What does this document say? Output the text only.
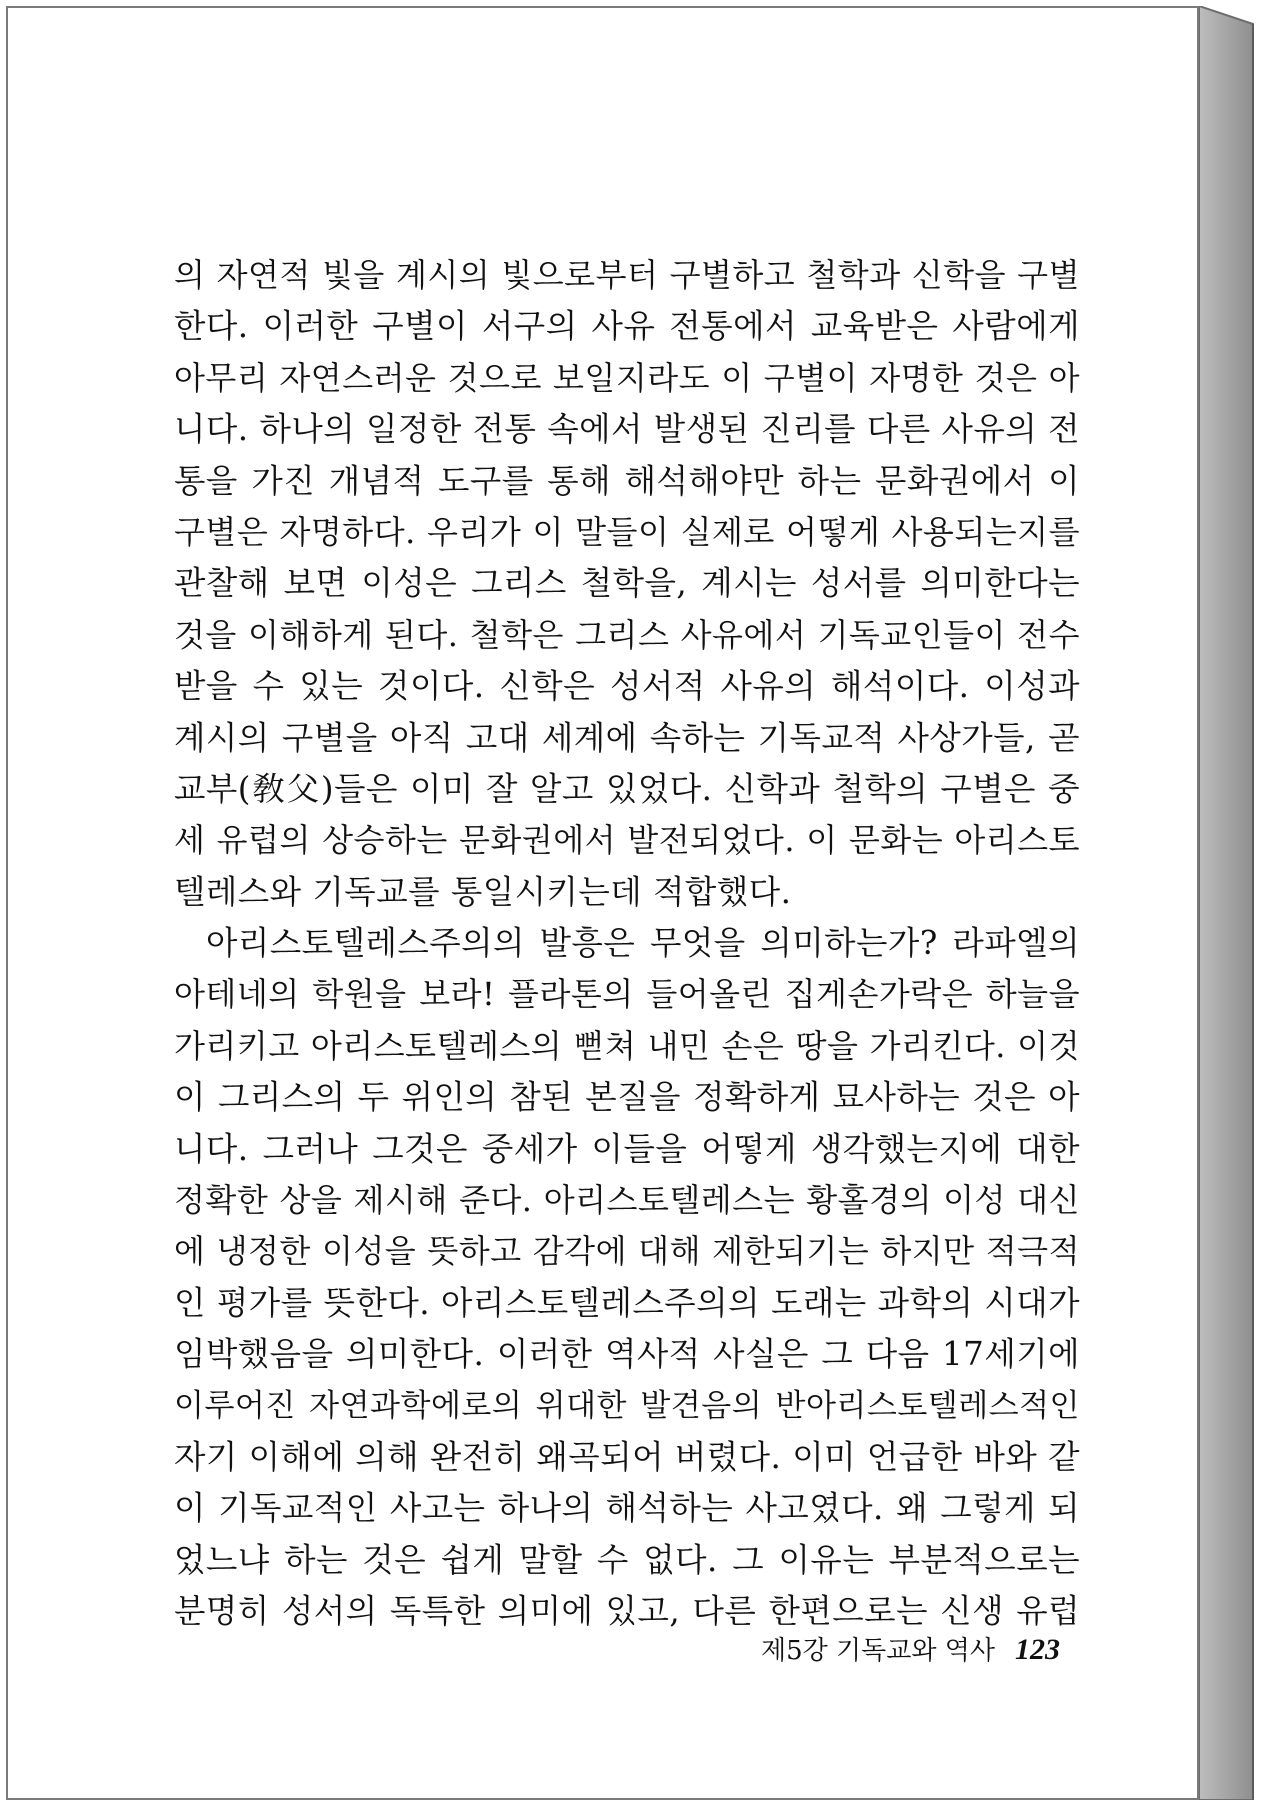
의 자연적 빛을 계시의 빛으로부터 구별하고 철학과 신학을 구별
한다. 이러한 구별이 서구의 사유 전통에서 교육받은 사람에게
아무리 자연스러운 것으로 보일지라도 이 구별이 자명한 것은 아
니다. 하나의 일정한 전통 속에서 발생된 진리를 다른 사유의 전
통을 가진 개념적 도구를 통해 해석해야만 하는 문화권에서 이
구별은 자명하다. 우리가 이 말들이 실제로 어떻게 사용되는지를
관찰해 보면 이성은 그리스 철학을, 계시는 성서를 의미한다는
것을 이해하게 된다. 철학은 그리스 사유에서 기독교인들이 전수
받을 수 있는 것이다. 신학은 성서적 사유의 해석이다. 이성과
계시의 구별을 아직 고대 세계에 속하는 기독교적 사상가들, 곧
교부(敎父)들은 이미 잘 알고 있었다. 신학과 철학의 구별은 중
세 유럽의 상승하는 문화권에서 발전되었다. 이 문화는 아리스토
텔레스와 기독교를 통일시키는데 적합했다.
아리스토텔레스주의의 발흥은 무엇을 의미하는가? 라파엘의
아테네의 학원을 보라! 플라톤의 들어올린 집게손가락은 하늘을
가리키고 아리스토텔레스의 뻗쳐 내민 손은 땅을 가리킨다. 이것
이 그리스의 두 위인의 참된 본질을 정확하게 묘사하는 것은 아
니다. 그러나 그것은 중세가 이들을 어떻게 생각했는지에 대한
정확한 상을 제시해 준다. 아리스토텔레스는 황홀경의 이성 대신
에 냉정한 이성을 뜻하고 감각에 대해 제한되기는 하지만 적극적
인 평가를 뜻한다. 아리스토텔레스주의의 도래는 과학의 시대가
임박했음을 의미한다. 이러한 역사적 사실은 그 다음 17세기에
이루어진 자연과학에로의 위대한 발견음의 반아리스토텔레스적인
자기 이해에 의해 완전히 왜곡되어 버렸다. 이미 언급한 바와 같
이 기독교적인 사고는 하나의 해석하는 사고였다. 왜 그렇게 되
었느냐 하는 것은 쉽게 말할 수 없다. 그 이유는 부분적으로는
분명히 성서의 독특한 의미에 있고, 다른 한편으로는 신생 유럽
제5강 기독교와 역사 123
